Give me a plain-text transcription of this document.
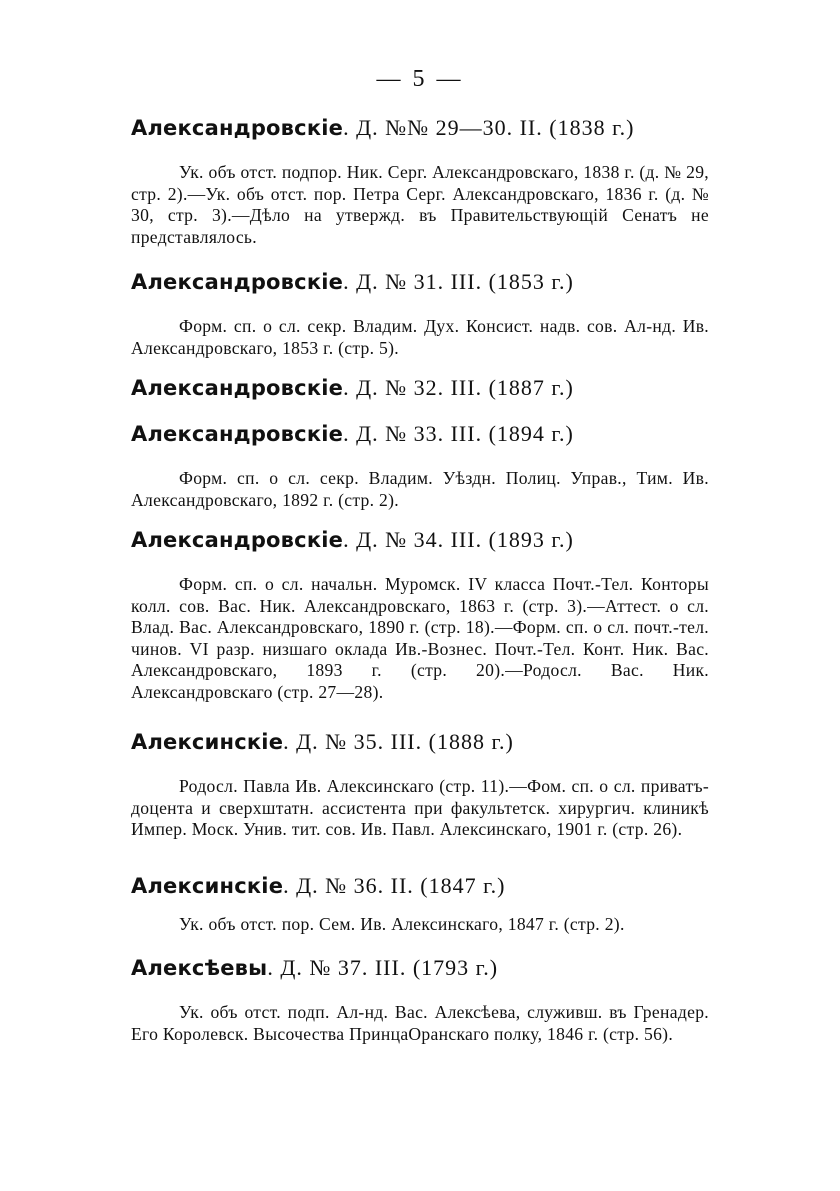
— 5 —
Александровскіе. Д. №№ 29—30. II. (1838 г.)
Ук. объ отст. подпор. Ник. Серг. Александровскаго, 1838 г. (д. № 29, стр. 2).—Ук. объ отст. пор. Петра Серг. Александровскаго, 1836 г. (д. № 30, стр. 3).—Дѣло на утвержд. въ Правительствующій Сенатъ не представлялось.
Александровскіе. Д. № 31. III. (1853 г.)
Форм. сп. о сл. секр. Владим. Дух. Консист. надв. сов. Ал-нд. Ив. Александровскаго, 1853 г. (стр. 5).
Александровскіе. Д. № 32. III. (1887 г.)
Александровскіе. Д. № 33. III. (1894 г.)
Форм. сп. о сл. секр. Владим. Уѣздн. Полиц. Управ., Тим. Ив. Александровскаго, 1892 г. (стр. 2).
Александровскіе. Д. № 34. III. (1893 г.)
Форм. сп. о сл. начальн. Муромск. IV класса Почт.-Тел. Конторы колл. сов. Вас. Ник. Александровскаго, 1863 г. (стр. 3).—Аттест. о сл. Влад. Вас. Александровскаго, 1890 г. (стр. 18).—Форм. сп. о сл. почт.-тел. чинов. VI разр. низшаго оклада Ив.-Вознес. Почт.-Тел. Конт. Ник. Вас. Александровскаго, 1893 г. (стр. 20).—Родосл. Вас. Ник. Александровскаго (стр. 27—28).
Алексинскіе. Д. № 35. III. (1888 г.)
Родосл. Павла Ив. Алексинскаго (стр. 11).—Фом. сп. о сл. приватъ-доцента и сверхштатн. ассистента при факультетск. хирургич. клиникѣ Импер. Моск. Унив. тит. сов. Ив. Павл. Алексинскаго, 1901 г. (стр. 26).
Алексинскіе. Д. № 36. II. (1847 г.)
Ук. объ отст. пор. Сем. Ив. Алексинскаго, 1847 г. (стр. 2).
Алексѣевы. Д. № 37. III. (1793 г.)
Ук. объ отст. подп. Ал-нд. Вас. Алексѣева, служивш. въ Гренадер. Его Королевск. Высочества ПринцаОранскаго полку, 1846 г. (стр. 56).
